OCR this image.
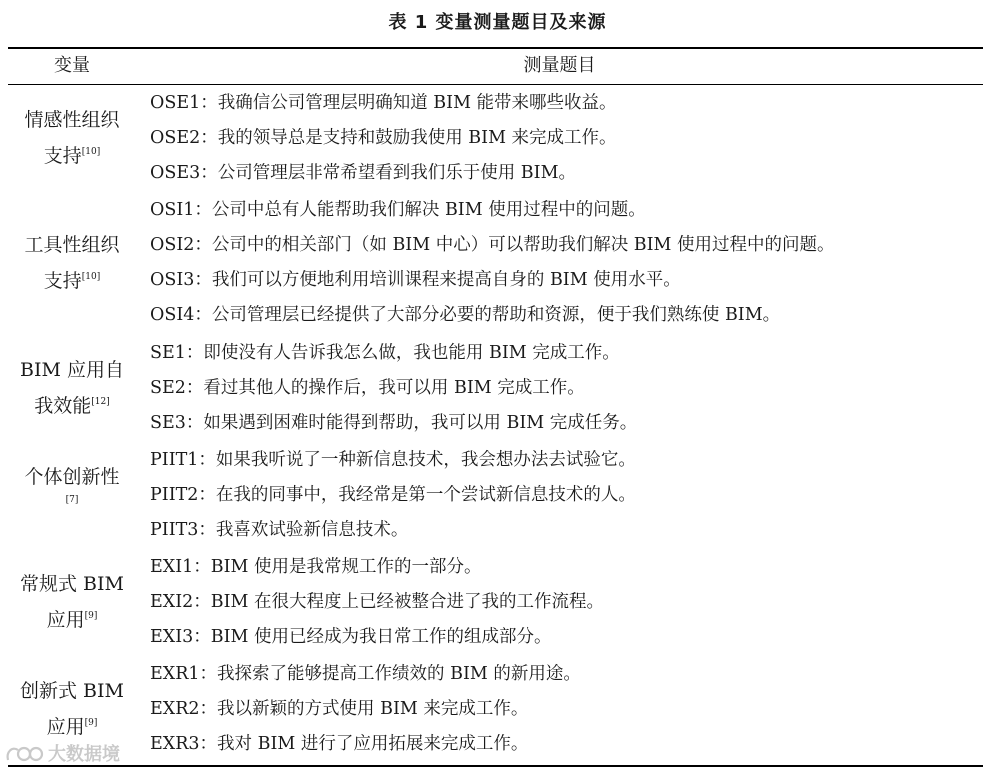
表 1 变量测量题目及来源
变量	测量题目
情感性组织
支持[10]
OSE1：我确信公司管理层明确知道 BIM 能带来哪些收益。
OSE2：我的领导总是支持和鼓励我使用 BIM 来完成工作。
OSE3：公司管理层非常希望看到我们乐于使用 BIM。
工具性组织
支持[10]
OSI1：公司中总有人能帮助我们解决 BIM 使用过程中的问题。
OSI2：公司中的相关部门（如 BIM 中心）可以帮助我们解决 BIM 使用过程中的问题。
OSI3：我们可以方便地利用培训课程来提高自身的 BIM 使用水平。
OSI4：公司管理层已经提供了大部分必要的帮助和资源，便于我们熟练使 BIM。
BIM 应用自
我效能[12]
SE1：即使没有人告诉我怎么做，我也能用 BIM 完成工作。
SE2：看过其他人的操作后，我可以用 BIM 完成工作。
SE3：如果遇到困难时能得到帮助，我可以用 BIM 完成任务。
个体创新性
[7]
PIIT1：如果我听说了一种新信息技术，我会想办法去试验它。
PIIT2：在我的同事中，我经常是第一个尝试新信息技术的人。
PIIT3：我喜欢试验新信息技术。
常规式 BIM
应用[9]
EXI1：BIM 使用是我常规工作的一部分。
EXI2：BIM 在很大程度上已经被整合进了我的工作流程。
EXI3：BIM 使用已经成为我日常工作的组成部分。
创新式 BIM
应用[9]
EXR1：我探索了能够提高工作绩效的 BIM 的新用途。
EXR2：我以新颖的方式使用 BIM 来完成工作。
EXR3：我对 BIM 进行了应用拓展来完成工作。
大数据境
